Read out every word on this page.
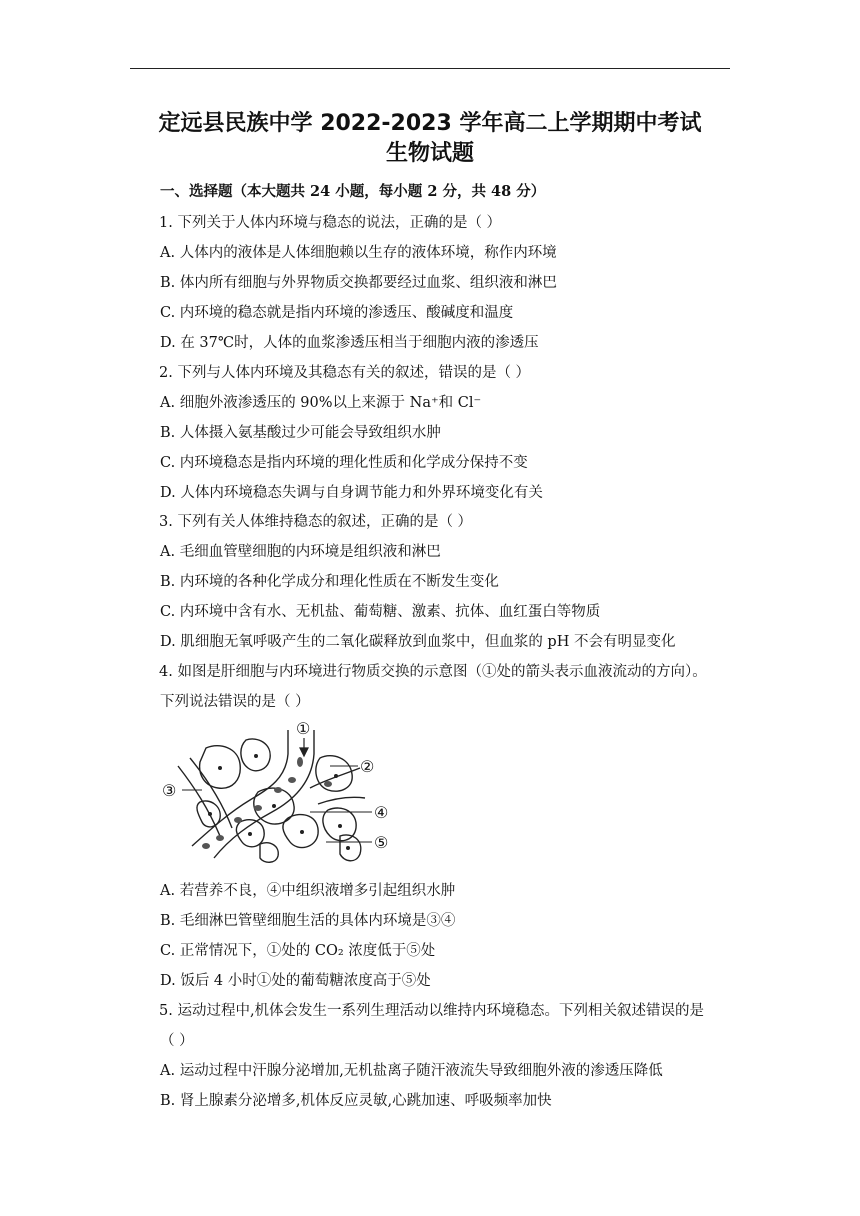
定远县民族中学 2022-2023 学年高二上学期期中考试
生物试题
一、选择题（本大题共 24 小题，每小题 2 分，共 48 分）
1. 下列关于人体内环境与稳态的说法，正确的是（ ）
A. 人体内的液体是人体细胞赖以生存的液体环境，称作内环境
B. 体内所有细胞与外界物质交换都要经过血浆、组织液和淋巴
C. 内环境的稳态就是指内环境的渗透压、酸碱度和温度
D. 在 37℃时，人体的血浆渗透压相当于细胞内液的渗透压
2. 下列与人体内环境及其稳态有关的叙述，错误的是（ ）
A. 细胞外液渗透压的 90%以上来源于 Na⁺和 Cl⁻
B. 人体摄入氨基酸过少可能会导致组织水肿
C. 内环境稳态是指内环境的理化性质和化学成分保持不变
D. 人体内环境稳态失调与自身调节能力和外界环境变化有关
3. 下列有关人体维持稳态的叙述，正确的是（ ）
A. 毛细血管壁细胞的内环境是组织液和淋巴
B. 内环境的各种化学成分和理化性质在不断发生变化
C. 内环境中含有水、无机盐、葡萄糖、激素、抗体、血红蛋白等物质
D. 肌细胞无氧呼吸产生的二氧化碳释放到血浆中，但血浆的 pH 不会有明显变化
4. 如图是肝细胞与内环境进行物质交换的示意图（①处的箭头表示血液流动的方向）。
下列说法错误的是（ ）
①
②
③
④
⑤
A. 若营养不良，④中组织液增多引起组织水肿
B. 毛细淋巴管壁细胞生活的具体内环境是③④
C. 正常情况下，①处的 CO₂ 浓度低于⑤处
D. 饭后 4 小时①处的葡萄糖浓度高于⑤处
5. 运动过程中,机体会发生一系列生理活动以维持内环境稳态。下列相关叙述错误的是
（ ）
A. 运动过程中汗腺分泌增加,无机盐离子随汗液流失导致细胞外液的渗透压降低
B. 肾上腺素分泌增多,机体反应灵敏,心跳加速、呼吸频率加快
